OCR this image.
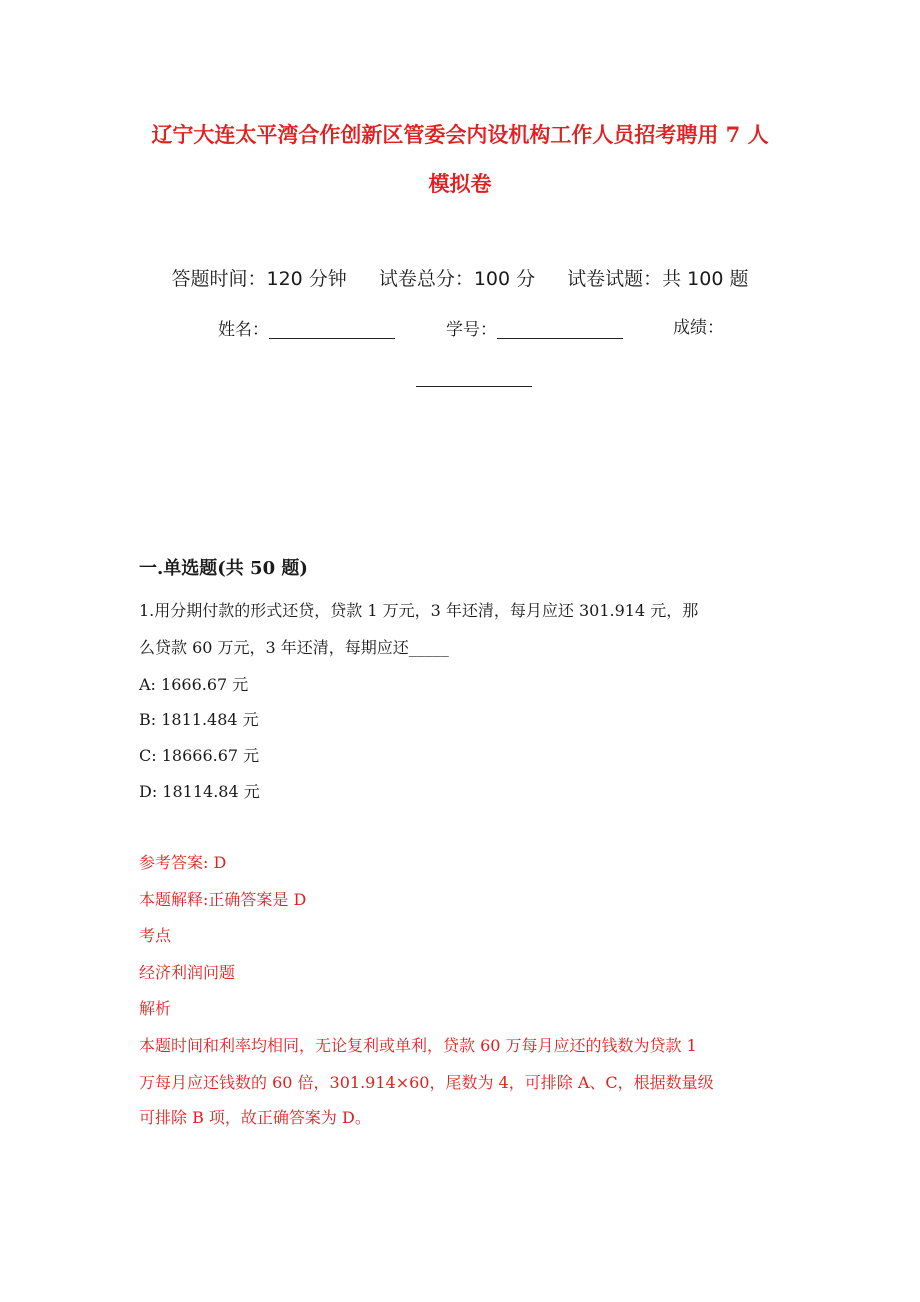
辽宁大连太平湾合作创新区管委会内设机构工作人员招考聘用 7 人
模拟卷
答题时间：120 分钟 试卷总分：100 分 试卷试题：共 100 题
姓名：	学号：	成绩：
一.单选题(共 50 题)
1.用分期付款的形式还贷，贷款 1 万元，3 年还清，每月应还 301.914 元，那
么贷款 60 万元，3 年还清，每期应还_____
A: 1666.67 元
B: 1811.484 元
C: 18666.67 元
D: 18114.84 元
参考答案: D
本题解释:正确答案是 D
考点
经济利润问题
解析
本题时间和利率均相同，无论复利或单利，贷款 60 万每月应还的钱数为贷款 1
万每月应还钱数的 60 倍，301.914×60，尾数为 4，可排除 A、C，根据数量级
可排除 B 项，故正确答案为 D。
